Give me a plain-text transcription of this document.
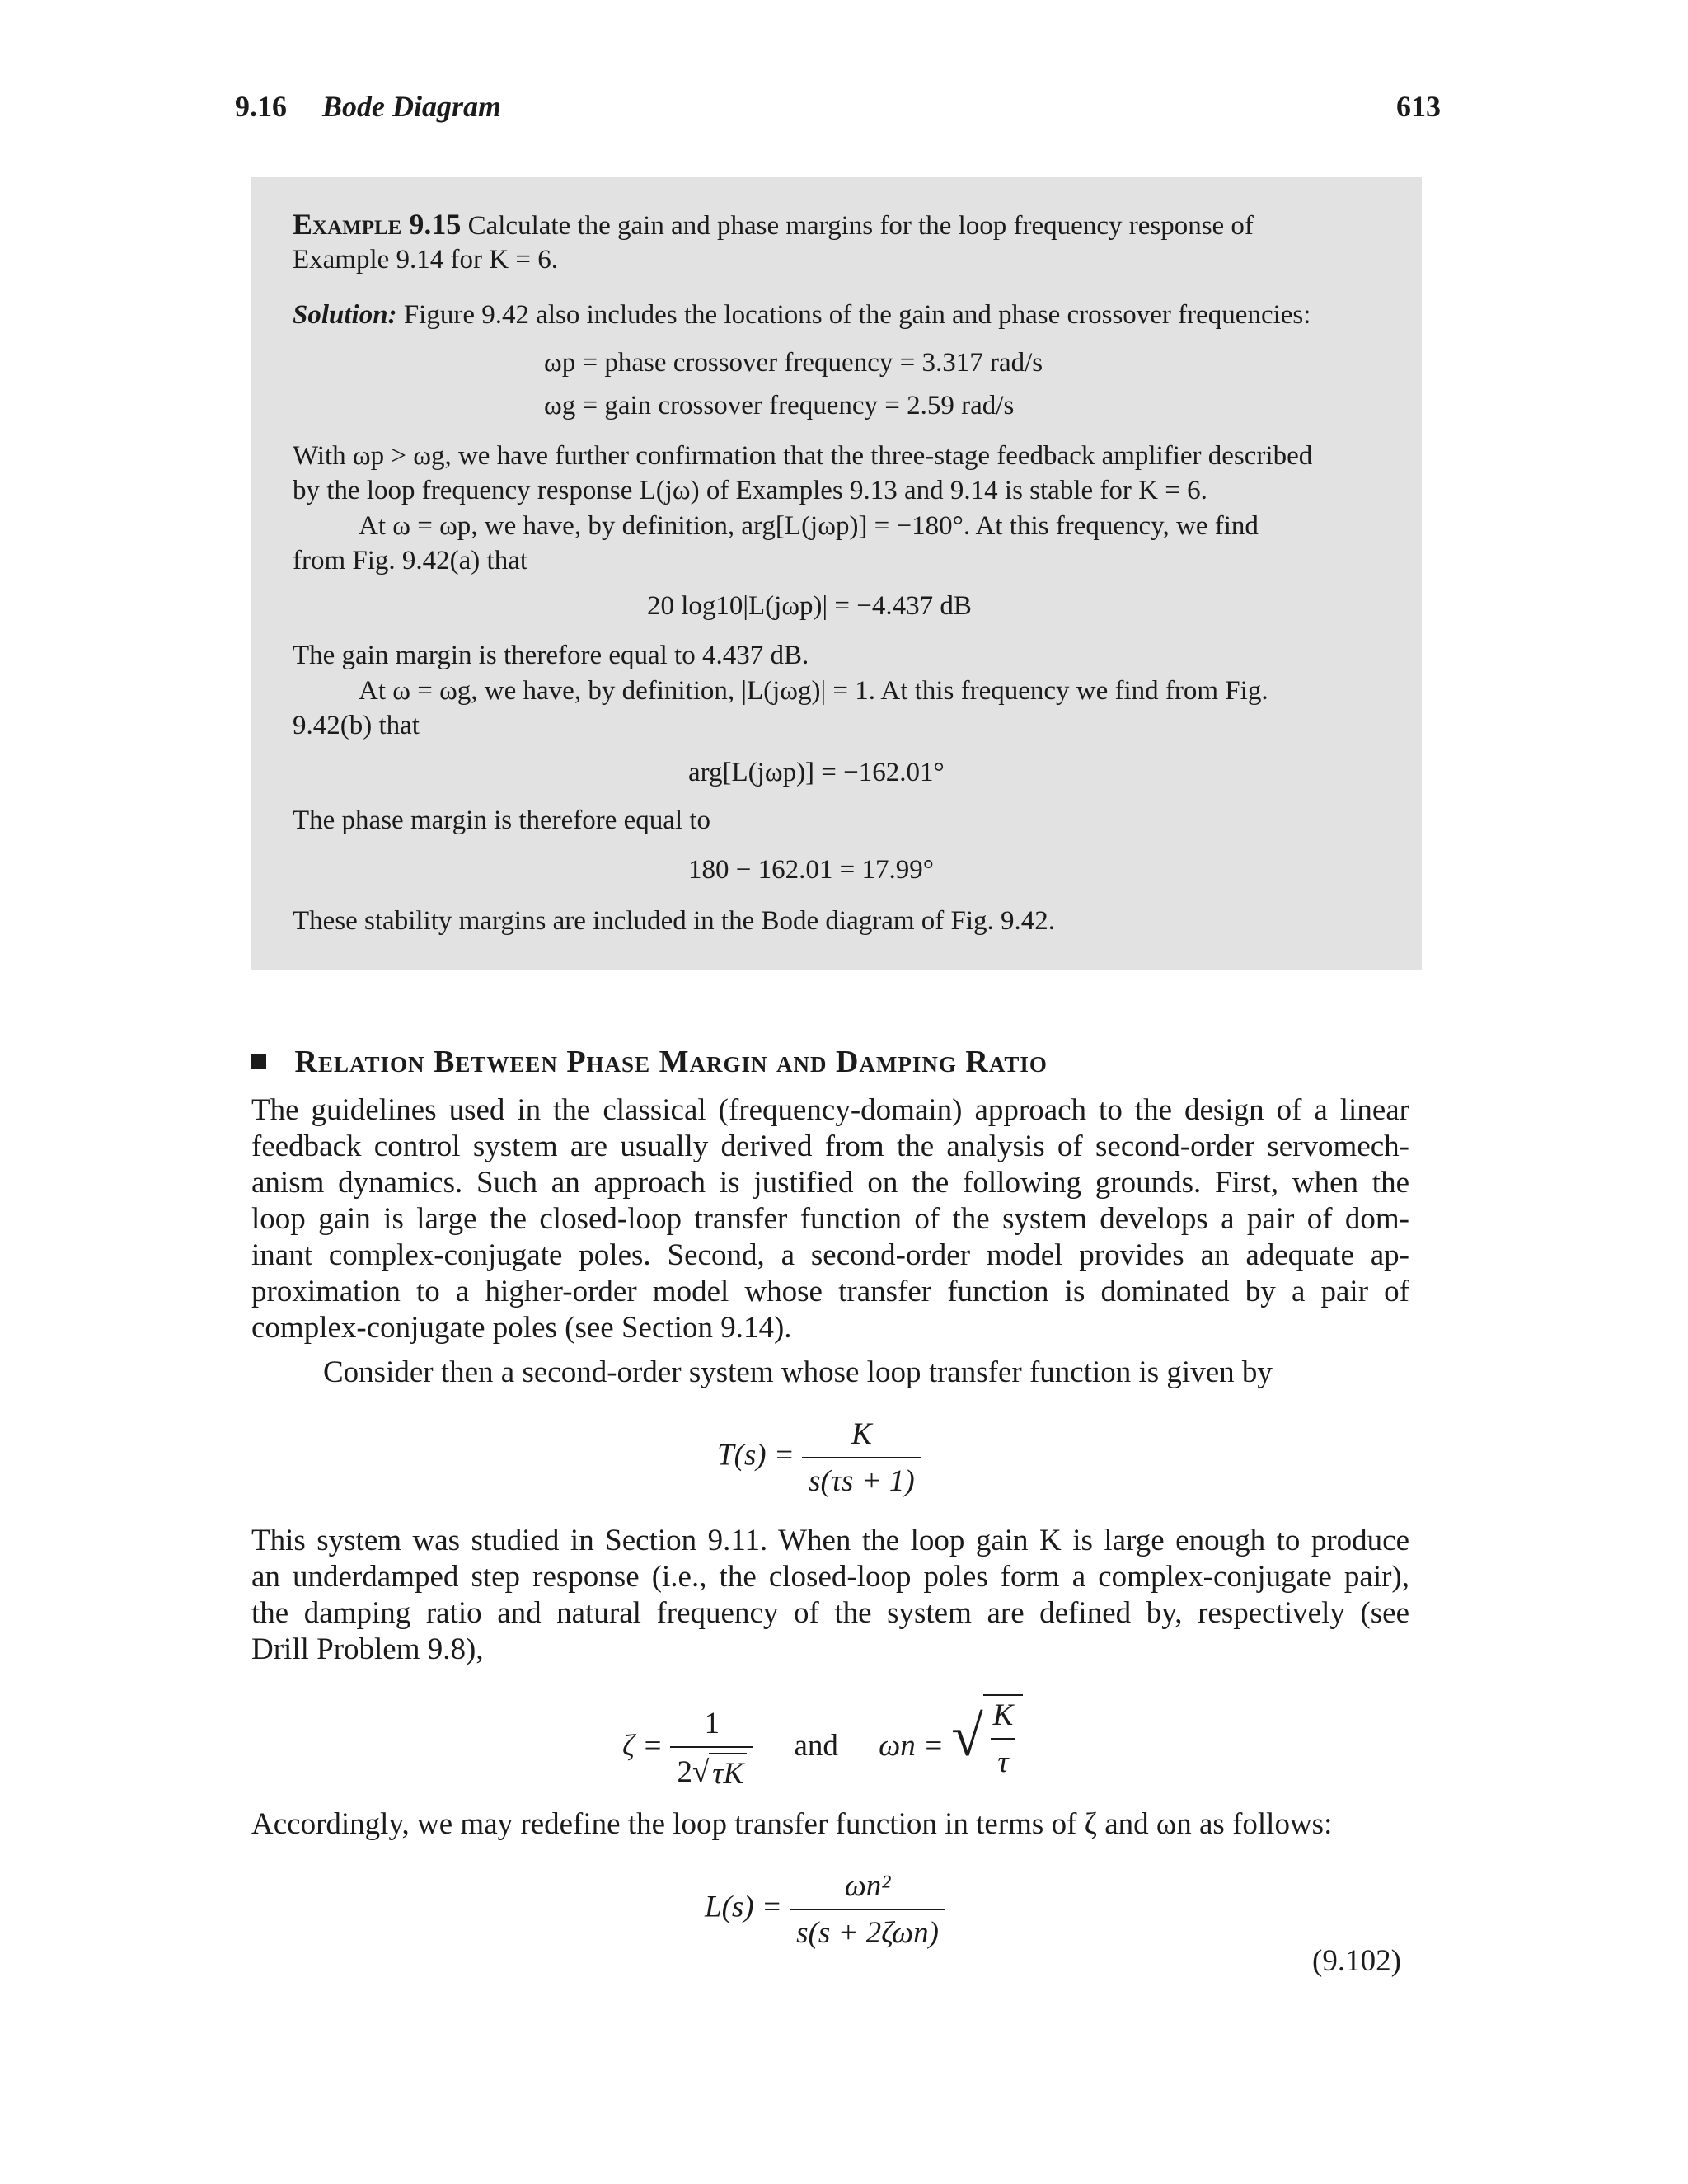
9.16 Bode Diagram	613
Example 9.15 Calculate the gain and phase margins for the loop frequency response of
Example 9.14 for K = 6.
Solution: Figure 9.42 also includes the locations of the gain and phase crossover frequencies:
ωp = phase crossover frequency = 3.317 rad/s
ωg = gain crossover frequency = 2.59 rad/s
With ωp > ωg, we have further confirmation that the three-stage feedback amplifier described
by the loop frequency response L(jω) of Examples 9.13 and 9.14 is stable for K = 6.
At ω = ωp, we have, by definition, arg[L(jωp)] = −180°. At this frequency, we find
from Fig. 9.42(a) that
20 log10|L(jωp)| = −4.437 dB
The gain margin is therefore equal to 4.437 dB.
At ω = ωg, we have, by definition, |L(jωg)| = 1. At this frequency we find from Fig.
9.42(b) that
arg[L(jωp)] = −162.01°
The phase margin is therefore equal to
180 − 162.01 = 17.99°
These stability margins are included in the Bode diagram of Fig. 9.42.
Relation Between Phase Margin and Damping Ratio
The guidelines used in the classical (frequency-domain) approach to the design of a linear
feedback control system are usually derived from the analysis of second-order servomech-
anism dynamics. Such an approach is justified on the following grounds. First, when the
loop gain is large the closed-loop transfer function of the system develops a pair of dom-
inant complex-conjugate poles. Second, a second-order model provides an adequate ap-
proximation to a higher-order model whose transfer function is dominated by a pair of
complex-conjugate poles (see Section 9.14).
Consider then a second-order system whose loop transfer function is given by
$T(s) = \frac{K}{s(\tau s + 1)}$
This system was studied in Section 9.11. When the loop gain K is large enough to produce
an underdamped step response (i.e., the closed-loop poles form a complex-conjugate pair),
the damping ratio and natural frequency of the system are defined by, respectively (see
Drill Problem 9.8),
$\zeta = \frac{1}{2 √ \tau K}$ and ωn = √ $\frac{K}{\tau}$
Accordingly, we may redefine the loop transfer function in terms of ζ and ωn as follows:
$L(s) = \frac{\text{ωn²}}{\text{s(s + 2ζωn)}}$
(9.102)
